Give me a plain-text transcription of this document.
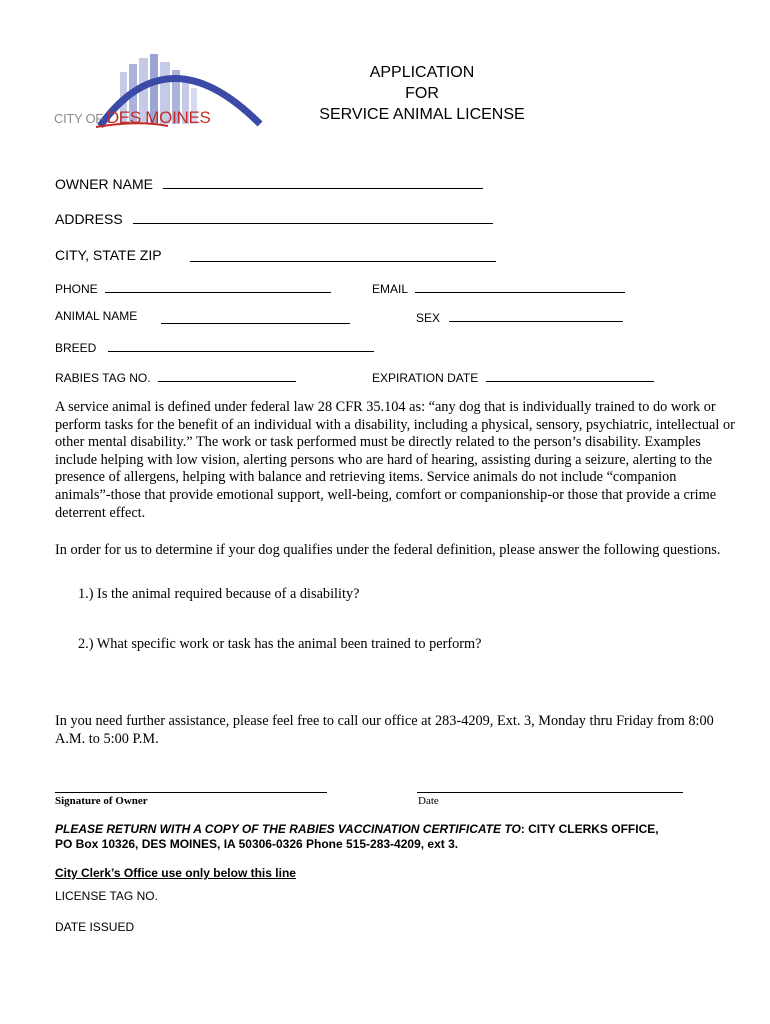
CITY OF DES MOINES
APPLICATION
FOR
SERVICE ANIMAL LICENSE
OWNER NAME
ADDRESS
CITY, STATE ZIP
PHONE	EMAIL
ANIMAL NAME	SEX
BREED
RABIES TAG NO.	EXPIRATION DATE
A service animal is defined under federal law 28 CFR 35.104 as: “any dog that is individually trained to do work or perform tasks for the benefit of an individual with a disability, including a physical, sensory, psychiatric, intellectual or other mental disability.” The work or task performed must be directly related to the person’s disability. Examples include helping with low vision, alerting persons who are hard of hearing, assisting during a seizure, alerting to the presence of allergens, helping with balance and retrieving items. Service animals do not include “companion animals”-those that provide emotional support, well-being, comfort or companionship-or those that provide a crime deterrent effect.
In order for us to determine if your dog qualifies under the federal definition, please answer the following questions.
1.) Is the animal required because of a disability?
2.) What specific work or task has the animal been trained to perform?
In you need further assistance, please feel free to call our office at 283-4209, Ext. 3, Monday thru Friday from 8:00 A.M. to 5:00 P.M.
Signature of Owner	Date
PLEASE RETURN WITH A COPY OF THE RABIES VACCINATION CERTIFICATE TO: CITY CLERKS OFFICE,
PO Box 10326, DES MOINES, IA 50306-0326 Phone 515-283-4209, ext 3.
City Clerk’s Office use only below this line
LICENSE TAG NO.
DATE ISSUED
